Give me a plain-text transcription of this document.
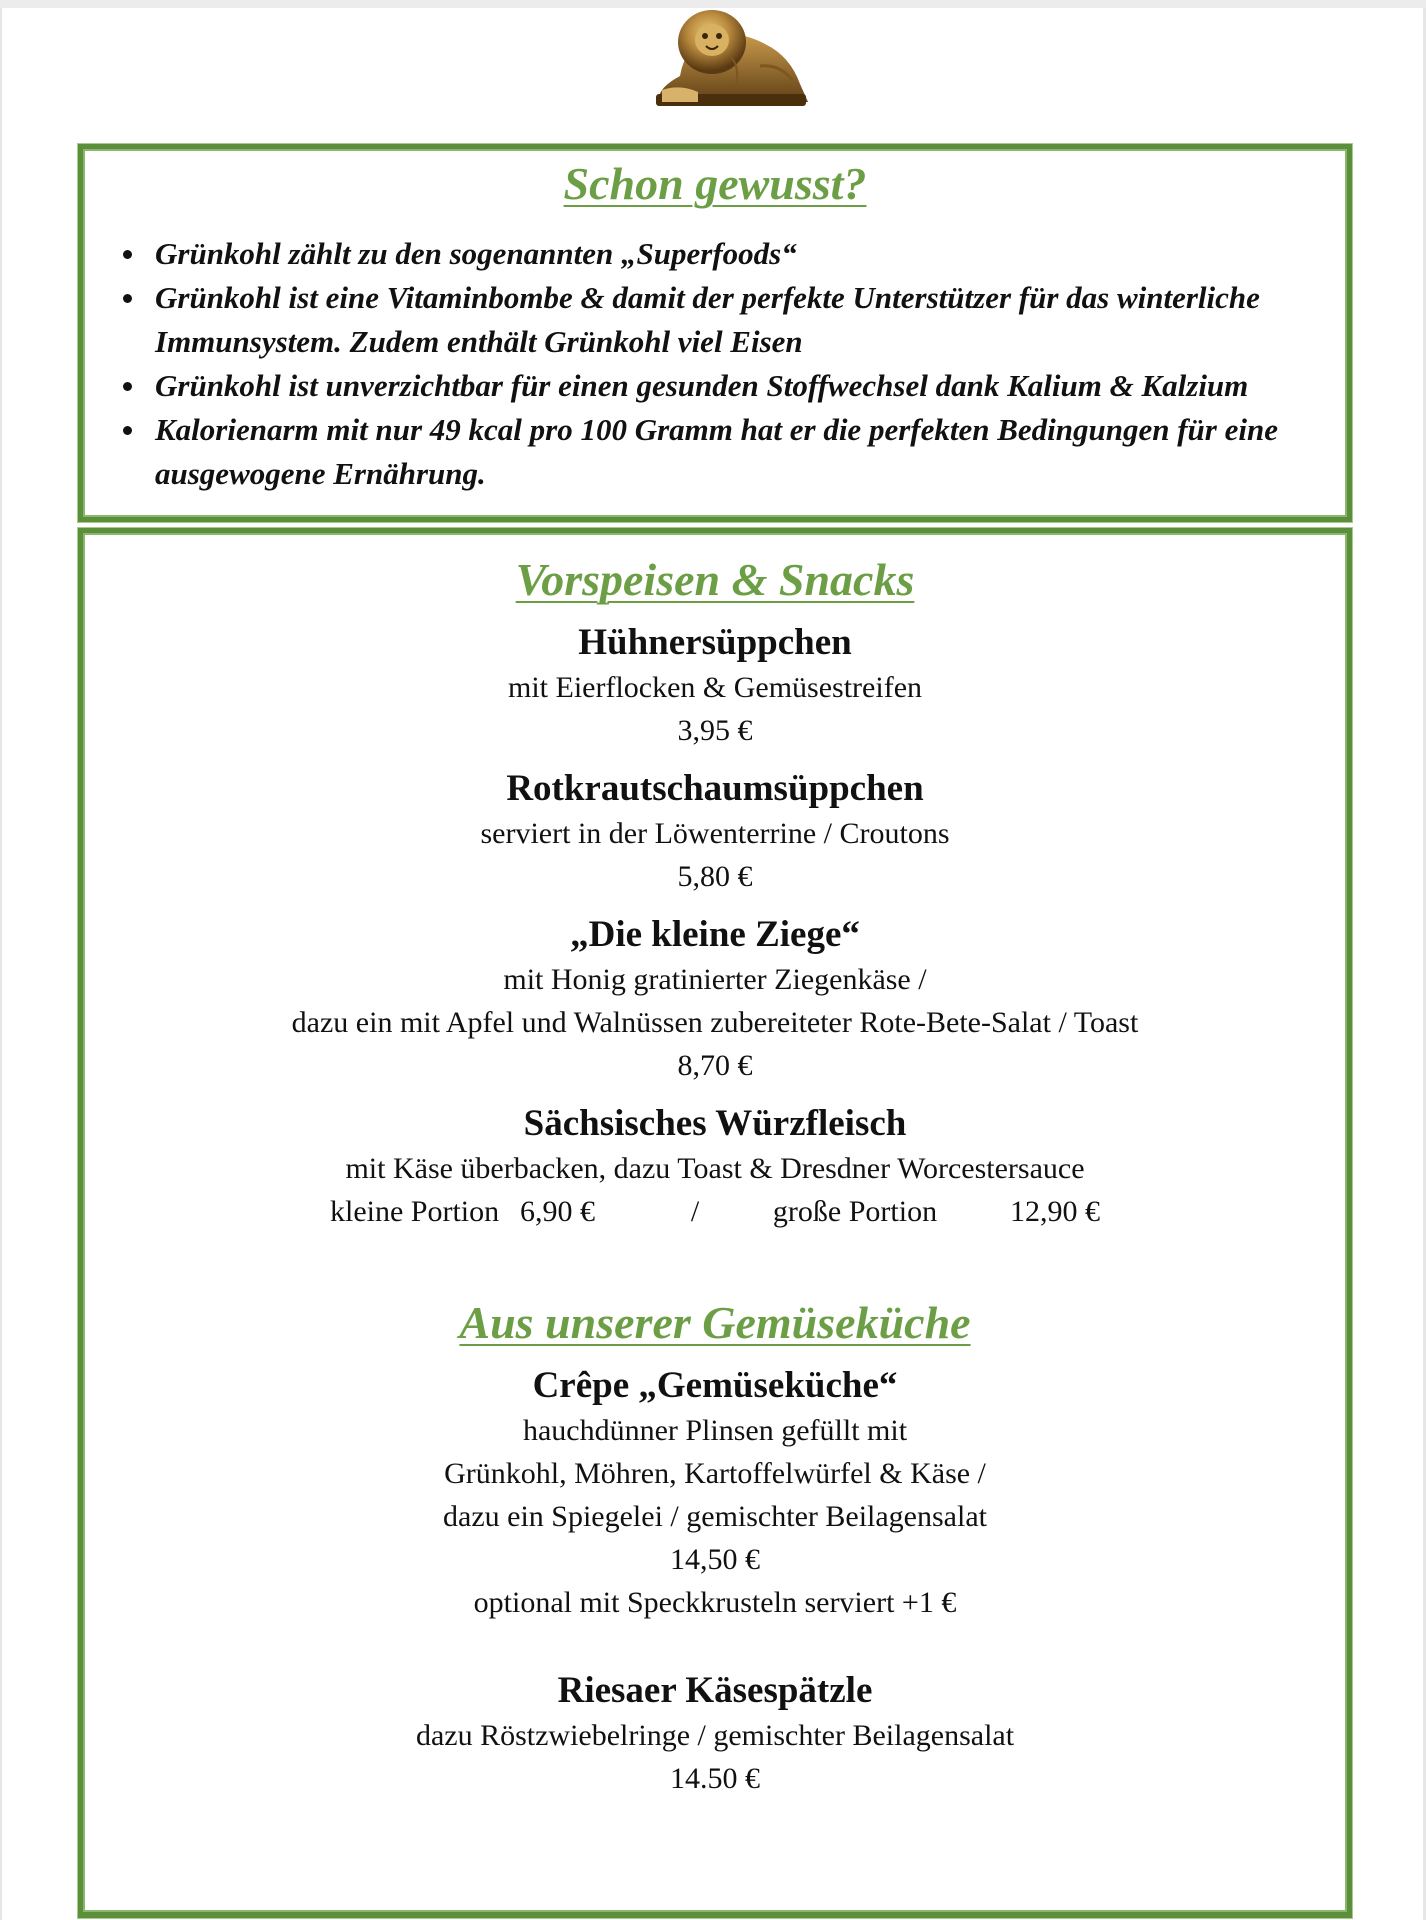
Schon gewusst?
Grünkohl zählt zu den sogenannten „Superfoods“
Grünkohl ist eine Vitaminbombe & damit der perfekte Unterstützer für das winterliche Immunsystem. Zudem enthält Grünkohl viel Eisen
Grünkohl ist unverzichtbar für einen gesunden Stoffwechsel dank Kalium & Kalzium
Kalorienarm mit nur 49 kcal pro 100 Gramm hat er die perfekten Bedingungen für eine ausgewogene Ernährung.
Vorspeisen & Snacks

Hühnersüppchen

mit Eierflocken & Gemüsestreifen

3,95 €

Rotkrautschaumsüppchen

serviert in der Löwenterrine / Croutons

5,80 €

„Die kleine Ziege“

mit Honig gratinierter Ziegenkäse /

dazu ein mit Apfel und Walnüssen zubereiteter Rote-Bete-Salat / Toast

8,70 €

Sächsisches Würzfleisch

mit Käse überbacken, dazu Toast & Dresdner Worcestersauce

kleine Portion 6,90 €	/	große Portion	12,90 €
Aus unserer Gemüseküche

Crêpe „Gemüseküche“

hauchdünner Plinsen gefüllt mit

Grünkohl, Möhren, Kartoffelwürfel & Käse /

dazu ein Spiegelei / gemischter Beilagensalat

14,50 €

optional mit Speckkrusteln serviert +1 €

Riesaer Käsespätzle

dazu Röstzwiebelringe / gemischter Beilagensalat

14.50 €
